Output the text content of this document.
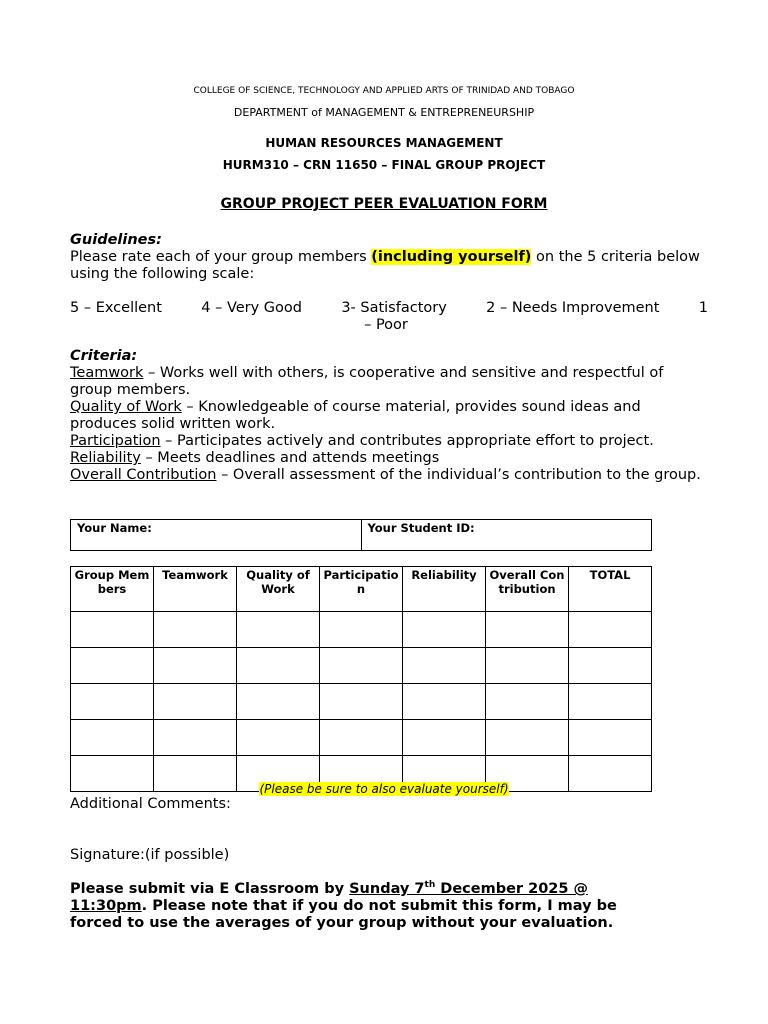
COLLEGE OF SCIENCE, TECHNOLOGY AND APPLIED ARTS OF TRINIDAD AND TOBAGO
DEPARTMENT of MANAGEMENT & ENTREPRENEURSHIP
HUMAN RESOURCES MANAGEMENT
HURM310 – CRN 11650 – FINAL GROUP PROJECT
GROUP PROJECT PEER EVALUATION FORM
Guidelines:
Please rate each of your group members (including yourself) on the 5 criteria below using the following scale:
5 – Excellent	4 – Very Good	3- Satisfactory	2 – Needs Improvement	1
– Poor
Criteria:
Teamwork – Works well with others, is cooperative and sensitive and respectful of group members.
Quality of Work – Knowledgeable of course material, provides sound ideas and produces solid written work.
Participation – Participates actively and contributes appropriate effort to project.
Reliability – Meets deadlines and attends meetings
Overall Contribution – Overall assessment of the individual’s contribution to the group.
Your Name:	Your Student ID:
Group Members	Teamwork	Quality of Work	Participation	Reliability	Overall Contribution	TOTAL

(Please be sure to also evaluate yourself)
Additional Comments:
Signature:(if possible)
Please submit via E Classroom by Sunday 7th December 2025 @ 11:30pm. Please note that if you do not submit this form, I may be forced to use the averages of your group without your evaluation.
